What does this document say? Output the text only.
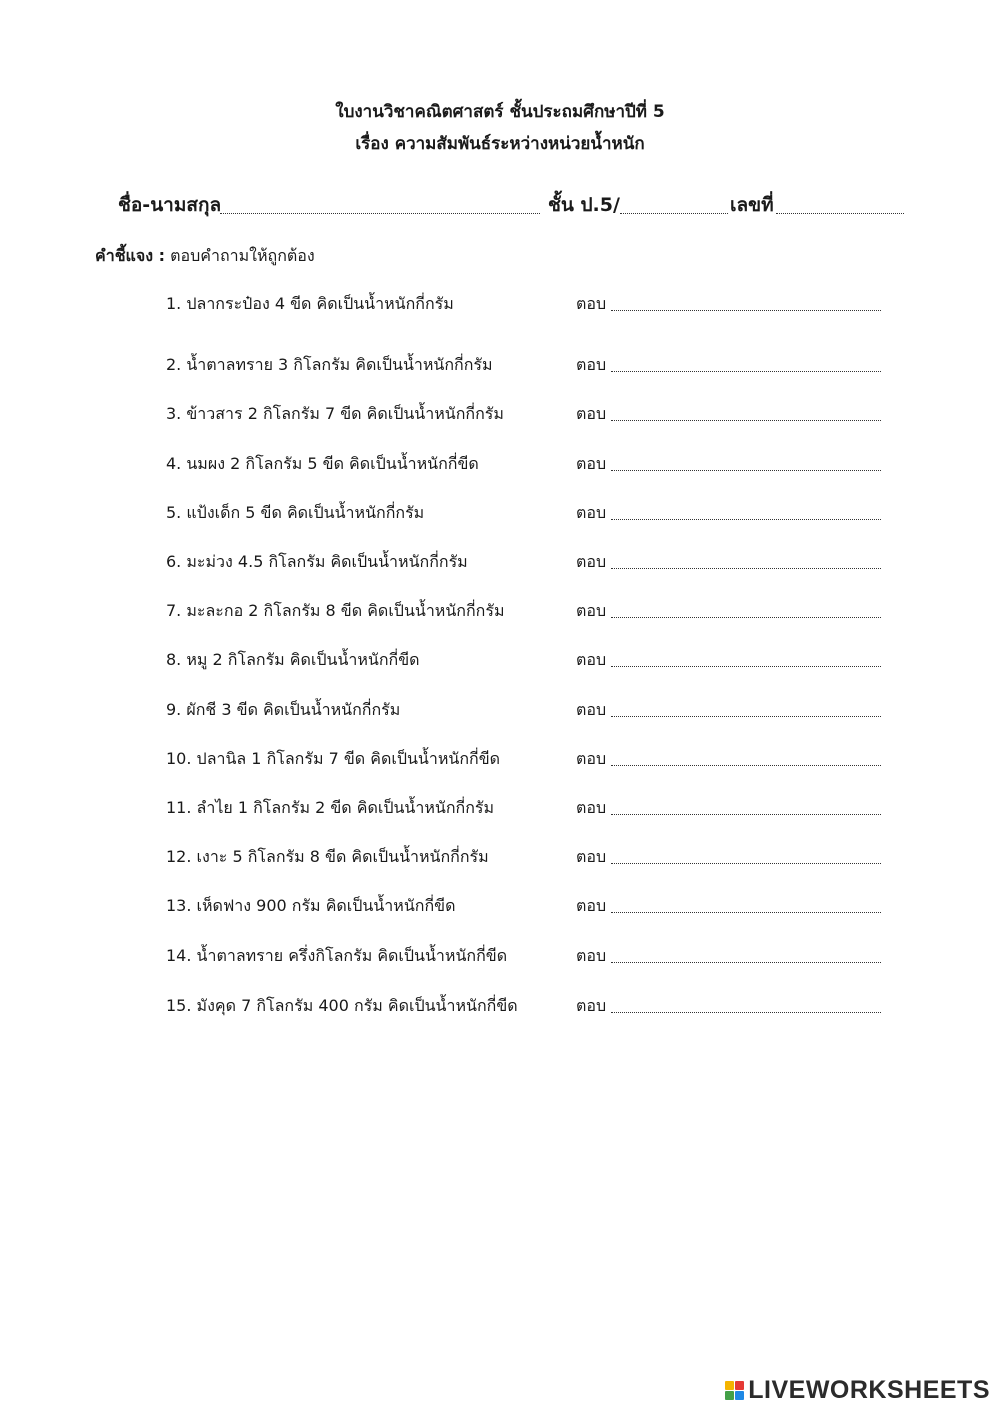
ใบงานวิชาคณิตศาสตร์ ชั้นประถมศึกษาปีที่ 5
เรื่อง ความสัมพันธ์ระหว่างหน่วยน้ำหนัก
ชื่อ-นามสกุล	ชั้น ป.5/	เลขที่
คำชี้แจง : ตอบคำถามให้ถูกต้อง
1. ปลากระป๋อง 4 ขีด คิดเป็นน้ำหนักกี่กรัม	ตอบ
2. น้ำตาลทราย 3 กิโลกรัม คิดเป็นน้ำหนักกี่กรัม	ตอบ
3. ข้าวสาร 2 กิโลกรัม 7 ขีด คิดเป็นน้ำหนักกี่กรัม	ตอบ
4. นมผง 2 กิโลกรัม 5 ขีด คิดเป็นน้ำหนักกี่ขีด	ตอบ
5. แป้งเด็ก 5 ขีด คิดเป็นน้ำหนักกี่กรัม	ตอบ
6. มะม่วง 4.5 กิโลกรัม คิดเป็นน้ำหนักกี่กรัม	ตอบ
7. มะละกอ 2 กิโลกรัม 8 ขีด คิดเป็นน้ำหนักกี่กรัม	ตอบ
8. หมู 2 กิโลกรัม คิดเป็นน้ำหนักกี่ขีด	ตอบ
9. ผักชี 3 ขีด คิดเป็นน้ำหนักกี่กรัม	ตอบ
10. ปลานิล 1 กิโลกรัม 7 ขีด คิดเป็นน้ำหนักกี่ขีด	ตอบ
11. ลำไย 1 กิโลกรัม 2 ขีด คิดเป็นน้ำหนักกี่กรัม	ตอบ
12. เงาะ 5 กิโลกรัม 8 ขีด คิดเป็นน้ำหนักกี่กรัม	ตอบ
13. เห็ดฟาง 900 กรัม คิดเป็นน้ำหนักกี่ขีด	ตอบ
14. น้ำตาลทราย ครึ่งกิโลกรัม คิดเป็นน้ำหนักกี่ขีด	ตอบ
15. มังคุด 7 กิโลกรัม 400 กรัม คิดเป็นน้ำหนักกี่ขีด	ตอบ
LIVEWORKSHEETS
